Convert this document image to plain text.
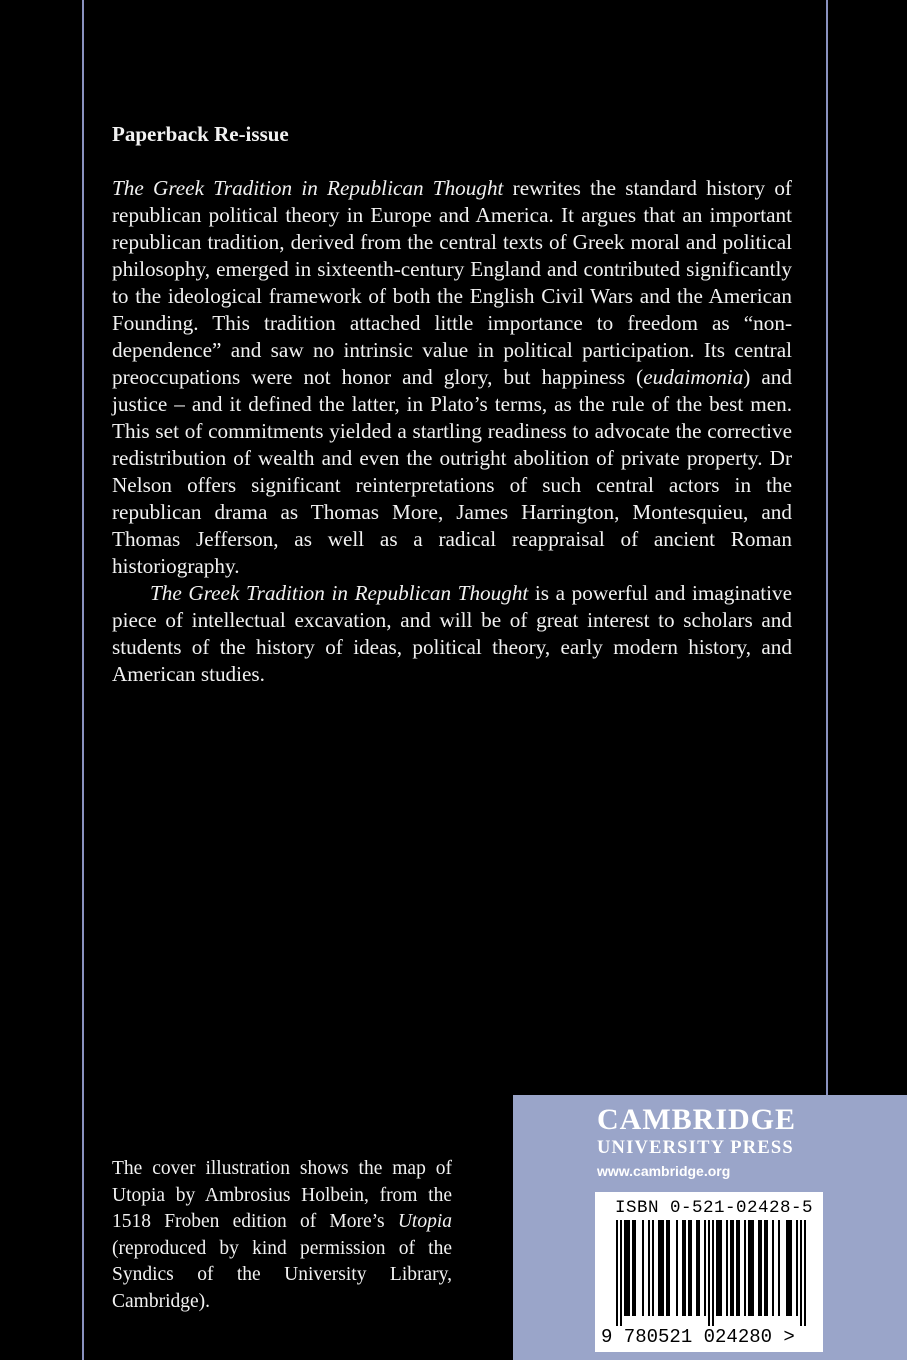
Paperback Re-issue

The Greek Tradition in Republican Thought rewrites the standard history of republican political theory in Europe and America. It argues that an important republican tradition, derived from the central texts of Greek moral and political philosophy, emerged in sixteenth-century England and contributed significantly to the ideological framework of both the English Civil Wars and the American Founding. This tradition attached little importance to freedom as “non-dependence” and saw no intrinsic value in political participation. Its central preoccupations were not honor and glory, but happiness (eudaimonia) and justice – and it defined the latter, in Plato’s terms, as the rule of the best men. This set of commitments yielded a startling readiness to advocate the corrective redistribution of wealth and even the outright abolition of private property. Dr Nelson offers significant reinterpretations of such central actors in the republican drama as Thomas More, James Harrington, Montesquieu, and Thomas Jefferson, as well as a radical reappraisal of ancient Roman historiography.

The Greek Tradition in Republican Thought is a powerful and imaginative piece of intellectual excavation, and will be of great interest to scholars and students of the history of ideas, political theory, early modern history, and American studies.

The cover illustration shows the map of Utopia by Ambrosius Holbein, from the 1518 Froben edition of More’s Utopia (reproduced by kind permission of the Syndics of the University Library, Cambridge).
CAMBRIDGE
UNIVERSITY PRESS
www.cambridge.org
ISBN 0-521-02428-5
9 780521 024280 >
